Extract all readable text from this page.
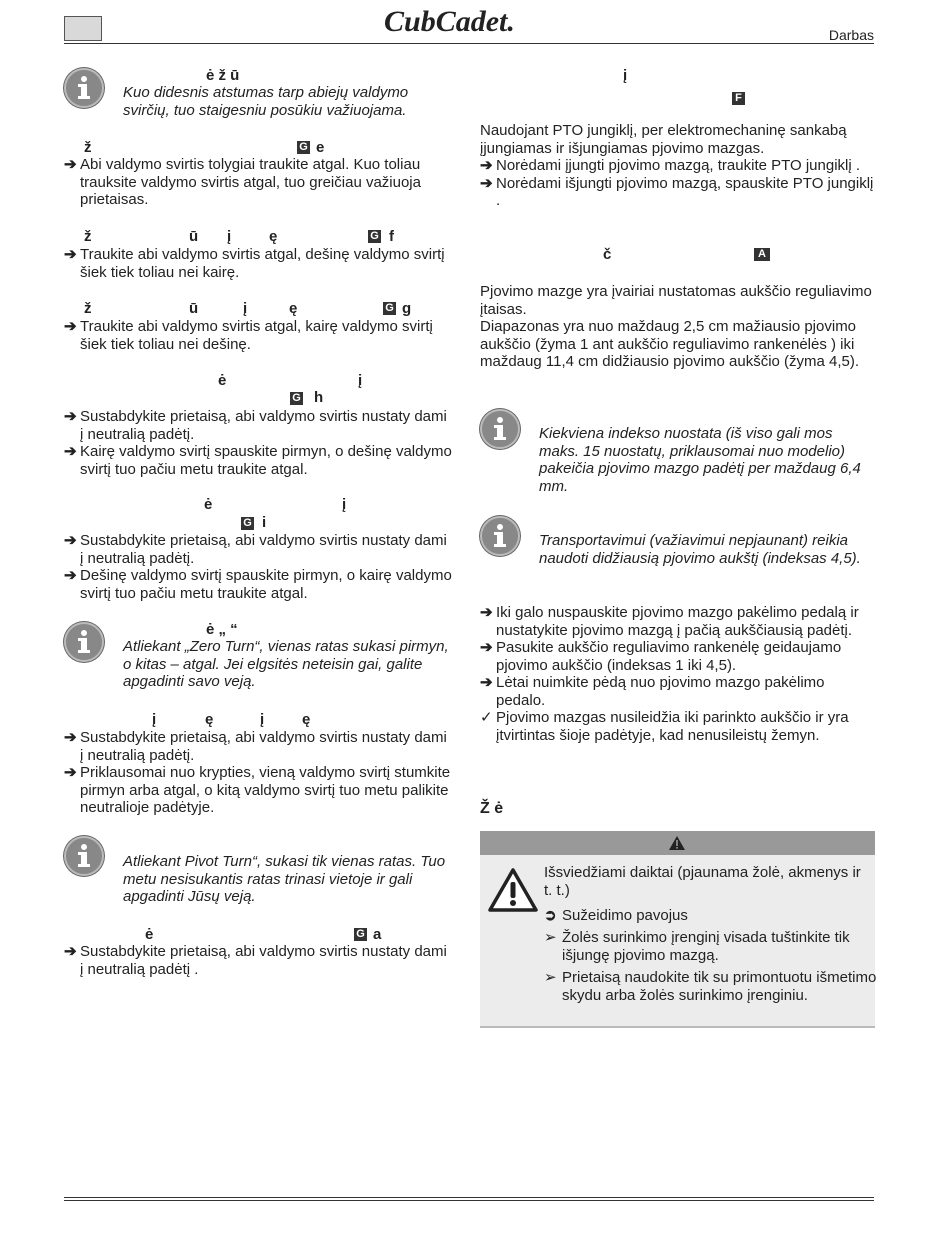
CubCadet.	Darbas
ė ž ū
Kuo didesnis atstumas tarp abiejų valdymo svirčių, tuo staigesniu posūkiu važiuojama.
ž	G e
➔ Abi valdymo svirtis tolygiai traukite atgal. Kuo toliau trauksite valdymo svirtis atgal, tuo greičiau važiuoja prietaisas.
ž	ū į	ę	G f
➔ Traukite abi valdymo svirtis atgal, dešinę valdymo svirtį šiek tiek toliau nei kairę.
ž	ū	į	ę	G g
➔ Traukite abi valdymo svirtis atgal, kairę valdymo svirtį šiek tiek toliau nei dešinę.
ė	į
G h
➔ Sustabdykite prietaisą, abi valdymo svirtis nustaty dami į neutralią padėtį.
➔ Kairę valdymo svirtį spauskite pirmyn, o dešinę valdymo svirtį tuo pačiu metu traukite atgal.
ė	į
G i
➔ Sustabdykite prietaisą, abi valdymo svirtis nustaty dami į neutralią padėtį.
➔ Dešinę valdymo svirtį spauskite pirmyn, o kairę valdymo svirtį tuo pačiu metu traukite atgal.
ė „ “
Atliekant „Zero Turn“, vienas ratas sukasi pirmyn, o kitas – atgal. Jei elgsitės neteisin gai, galite apgadinti savo veją.
į	ę	į	ę
➔ Sustabdykite prietaisą, abi valdymo svirtis nustaty dami į neutralią padėtį.
➔ Priklausomai nuo krypties, vieną valdymo svirtį stumkite pirmyn arba atgal, o kitą valdymo svirtį tuo metu palikite neutralioje padėtyje.
Atliekant Pivot Turn“, sukasi tik vienas ratas. Tuo metu nesisukantis ratas trinasi vietoje ir gali apgadinti Jūsų veją.
ė	G a
➔ Sustabdykite prietaisą, abi valdymo svirtis nustaty dami į neutralią padėtį .
į
F
Naudojant PTO jungiklį, per elektromechaninę sankabą įjungiamas ir išjungiamas pjovimo mazgas.
➔ Norėdami įjungti pjovimo mazgą, traukite PTO jungiklį .
➔ Norėdami išjungti pjovimo mazgą, spauskite PTO jungiklį .
č	A
Pjovimo mazge yra įvairiai nustatomas aukščio reguliavimo įtaisas.
Diapazonas yra nuo maždaug 2,5 cm mažiausio pjovimo aukščio (žyma 1 ant aukščio reguliavimo rankenėlės ) iki maždaug 11,4 cm didžiausio pjovimo aukščio (žyma 4,5).
Kiekviena indekso nuostata (iš viso gali mos maks. 15 nuostatų, priklausomai nuo modelio) pakeičia pjovimo mazgo padėtį per maždaug 6,4 mm.
Transportavimui (važiavimui nepjaunant) reikia naudoti didžiausią pjovimo aukštį (indeksas 4,5).
➔ Iki galo nuspauskite pjovimo mazgo pakėlimo pedalą ir nustatykite pjovimo mazgą į pačią aukščiausią padėtį.
➔ Pasukite aukščio reguliavimo rankenėlę geidaujamo pjovimo aukščio (indeksas 1 iki 4,5).
➔ Lėtai nuimkite pėdą nuo pjovimo mazgo pakėlimo pedalo.
✓ Pjovimo mazgas nusileidžia iki parinkto aukščio ir yra įtvirtintas šioje padėtyje, kad nenusileistų žemyn.
Ž ė
Išsviedžiami daiktai (pjaunama žolė, akmenys ir t. t.)
➲ Sužeidimo pavojus
➢ Žolės surinkimo įrenginį visada tuštinkite tik išjungę pjovimo mazgą.
➢ Prietaisą naudokite tik su primontuotu išmetimo skydu arba žolės surinkimo įrenginiu.
